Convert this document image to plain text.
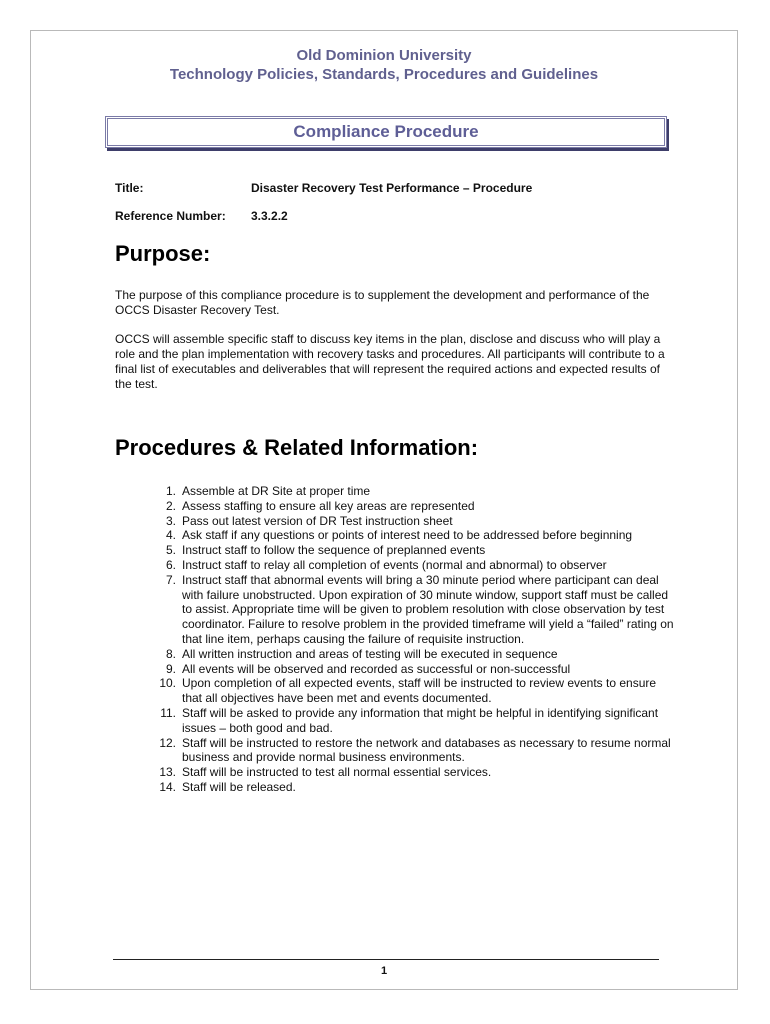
Old Dominion University
Technology Policies, Standards, Procedures and Guidelines
Compliance Procedure
Title:	Disaster Recovery Test Performance – Procedure
Reference Number: 3.3.2.2
Purpose:
The purpose of this compliance procedure is to supplement the development and performance of the OCCS Disaster Recovery Test.
OCCS will assemble specific staff to discuss key items in the plan, disclose and discuss who will play a role and the plan implementation with recovery tasks and procedures. All participants will contribute to a final list of executables and deliverables that will represent the required actions and expected results of the test.
Procedures & Related Information:
1. Assemble at DR Site at proper time
2. Assess staffing to ensure all key areas are represented
3. Pass out latest version of DR Test instruction sheet
4. Ask staff if any questions or points of interest need to be addressed before beginning
5. Instruct staff to follow the sequence of preplanned events
6. Instruct staff to relay all completion of events (normal and abnormal) to observer
7. Instruct staff that abnormal events will bring a 30 minute period where participant can deal with failure unobstructed. Upon expiration of 30 minute window, support staff must be called to assist. Appropriate time will be given to problem resolution with close observation by test coordinator. Failure to resolve problem in the provided timeframe will yield a “failed” rating on that line item, perhaps causing the failure of requisite instruction.
8. All written instruction and areas of testing will be executed in sequence
9. All events will be observed and recorded as successful or non-successful
10. Upon completion of all expected events, staff will be instructed to review events to ensure that all objectives have been met and events documented.
11. Staff will be asked to provide any information that might be helpful in identifying significant issues – both good and bad.
12. Staff will be instructed to restore the network and databases as necessary to resume normal business and provide normal business environments.
13. Staff will be instructed to test all normal essential services.
14. Staff will be released.
1
